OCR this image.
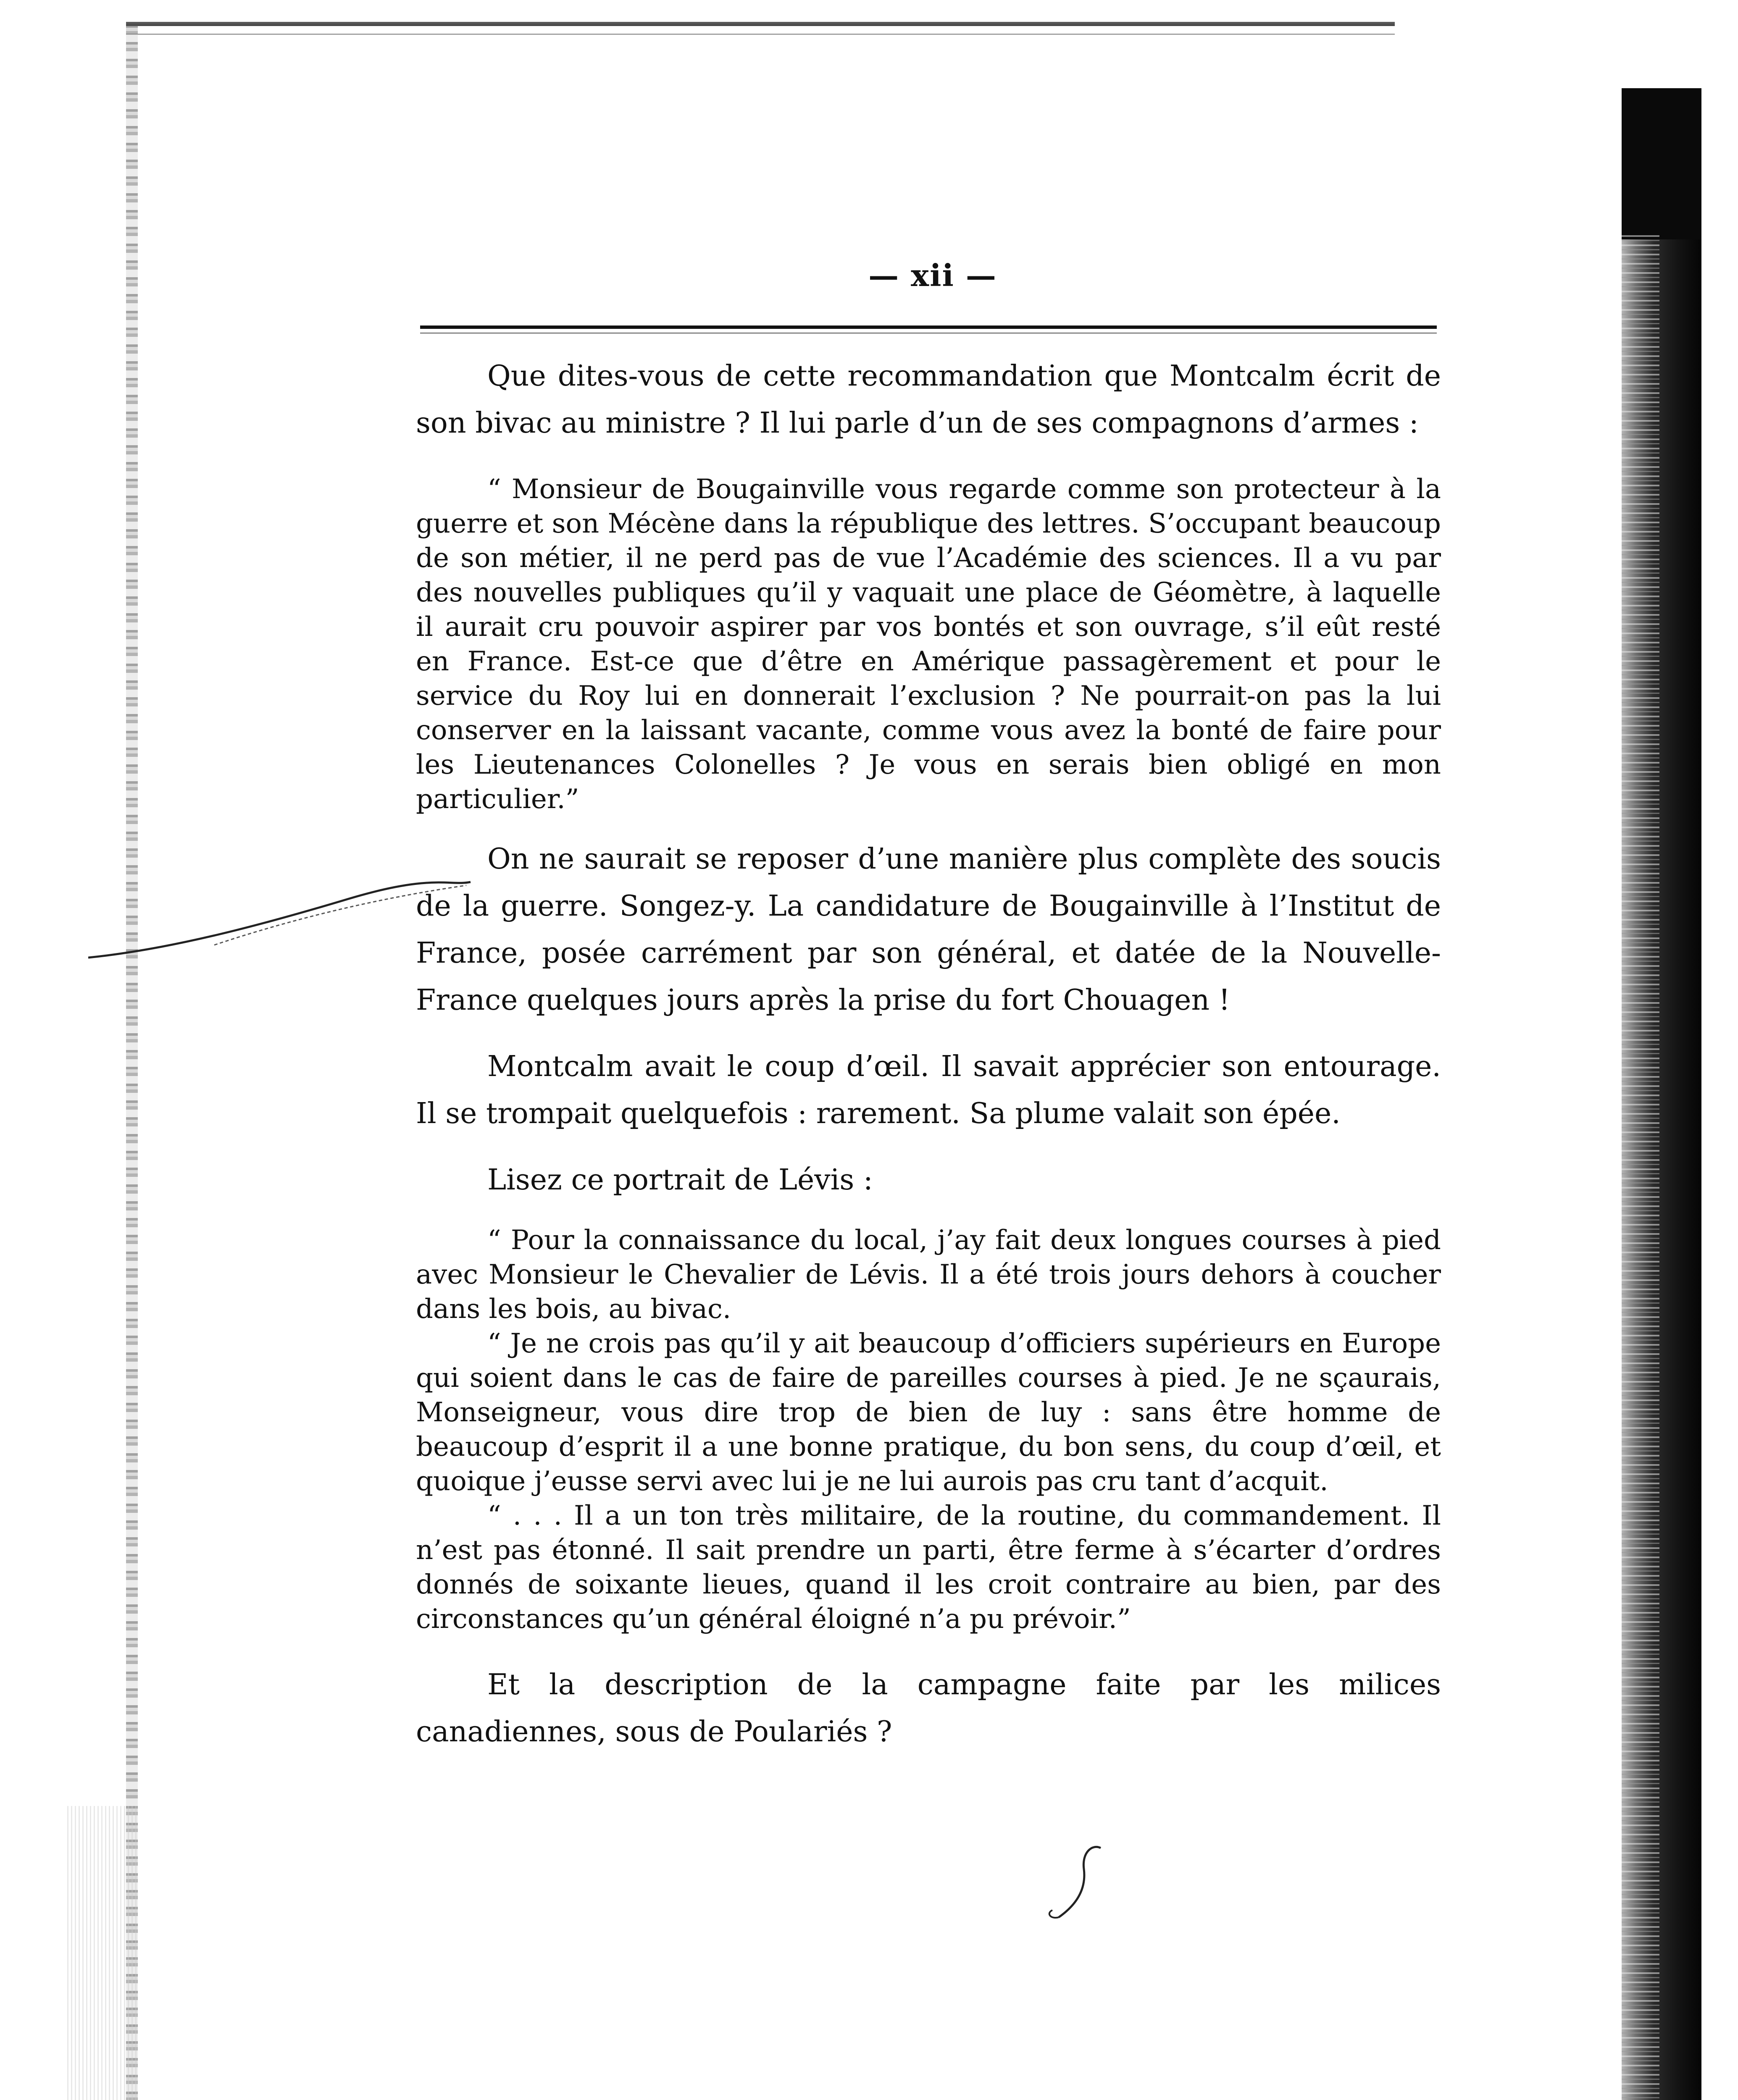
— xii —

Que dites-vous de cette recommandation que Montcalm écrit de son bivac au ministre ? Il lui parle d’un de ses compagnons d’armes :

“ Monsieur de Bougainville vous regarde comme son protecteur à la guerre et son Mécène dans la république des lettres. S’occupant beaucoup de son métier, il ne perd pas de vue l’Académie des sciences. Il a vu par des nouvelles publiques qu’il y vaquait une place de Géomètre, à laquelle il aurait cru pouvoir aspirer par vos bontés et son ouvrage, s’il eût resté en France. Est-ce que d’être en Amérique passagèrement et pour le service du Roy lui en donnerait l’exclusion ? Ne pourrait-on pas la lui conserver en la laissant vacante, comme vous avez la bonté de faire pour les Lieutenances Colonelles ? Je vous en serais bien obligé en mon particulier.”

On ne saurait se reposer d’une manière plus complète des soucis de la guerre. Songez-y. La candidature de Bougainville à l’Institut de France, posée carrément par son général, et datée de la Nouvelle-France quelques jours après la prise du fort Chouagen !

Montcalm avait le coup d’œil. Il savait apprécier son entourage. Il se trompait quelquefois : rarement. Sa plume valait son épée.

Lisez ce portrait de Lévis :

“ Pour la connaissance du local, j’ay fait deux longues courses à pied avec Monsieur le Chevalier de Lévis. Il a été trois jours dehors à coucher dans les bois, au bivac.

“ Je ne crois pas qu’il y ait beaucoup d’officiers supérieurs en Europe qui soient dans le cas de faire de pareilles courses à pied. Je ne sçaurais, Monseigneur, vous dire trop de bien de luy : sans être homme de beaucoup d’esprit il a une bonne pratique, du bon sens, du coup d’œil, et quoique j’eusse servi avec lui je ne lui aurois pas cru tant d’acquit.

“ . . . Il a un ton très militaire, de la routine, du commandement. Il n’est pas étonné. Il sait prendre un parti, être ferme à s’écarter d’ordres donnés de soixante lieues, quand il les croit contraire au bien, par des circonstances qu’un général éloigné n’a pu prévoir.”

Et la description de la campagne faite par les milices canadiennes, sous de Poulariés ?
